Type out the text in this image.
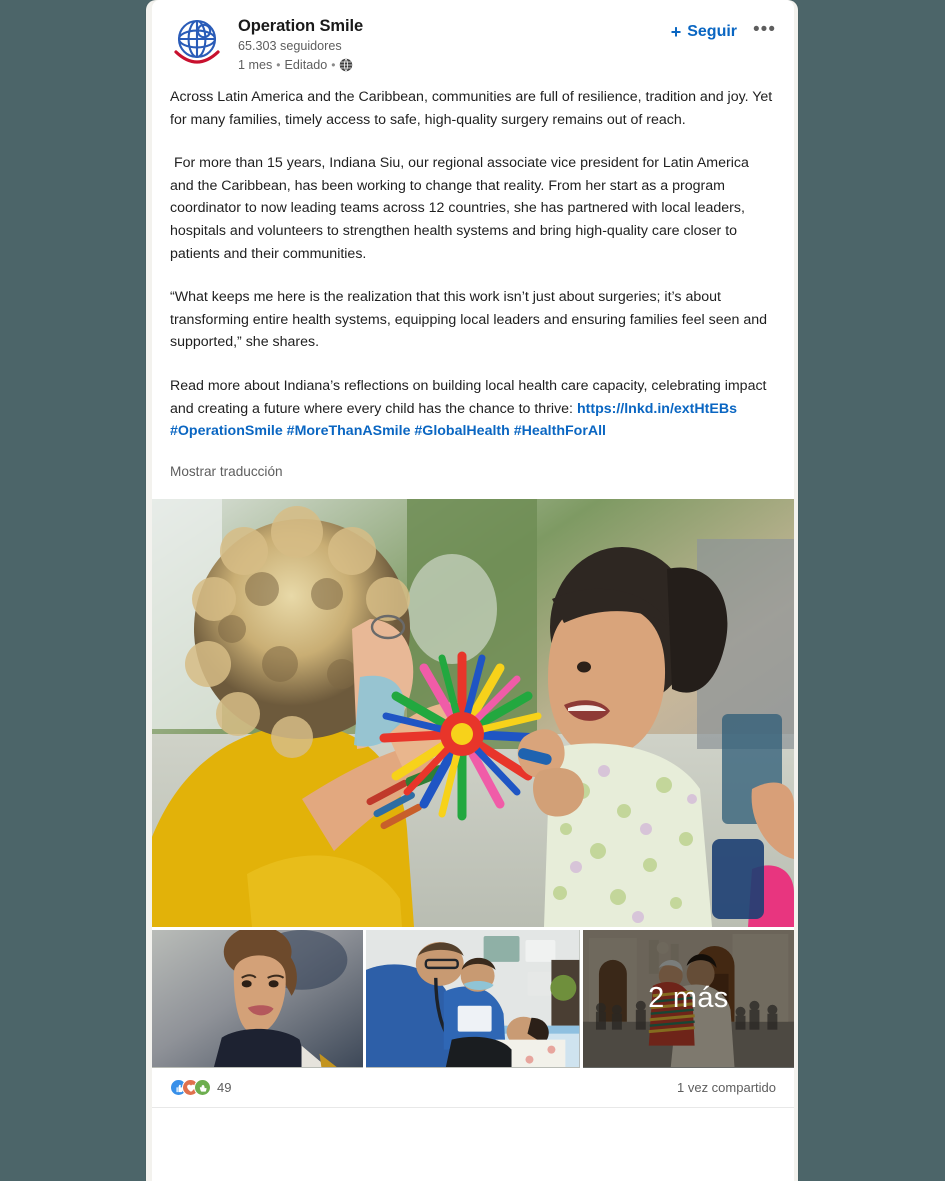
Operation Smile
65.303 seguidores
1 mes • Editado •
+ Seguir •••

Across Latin America and the Caribbean, communities are full of resilience, tradition and joy. Yet for many families, timely access to safe, high-quality surgery remains out of reach.

For more than 15 years, Indiana Siu, our regional associate vice president for Latin America and the Caribbean, has been working to change that reality. From her start as a program coordinator to now leading teams across 12 countries, she has partnered with local leaders, hospitals and volunteers to strengthen health systems and bring high-quality care closer to patients and their communities.

“What keeps me here is the realization that this work isn’t just about surgeries; it’s about transforming entire health systems, equipping local leaders and ensuring families feel seen and supported,” she shares.

Read more about Indiana’s reflections on building local health care capacity, celebrating impact and creating a future where every child has the chance to thrive: https://lnkd.in/extHtEBs

#OperationSmile #MoreThanASmile #GlobalHealth #HealthForAll
Mostrar traducción
2 más
49	1 vez compartido
